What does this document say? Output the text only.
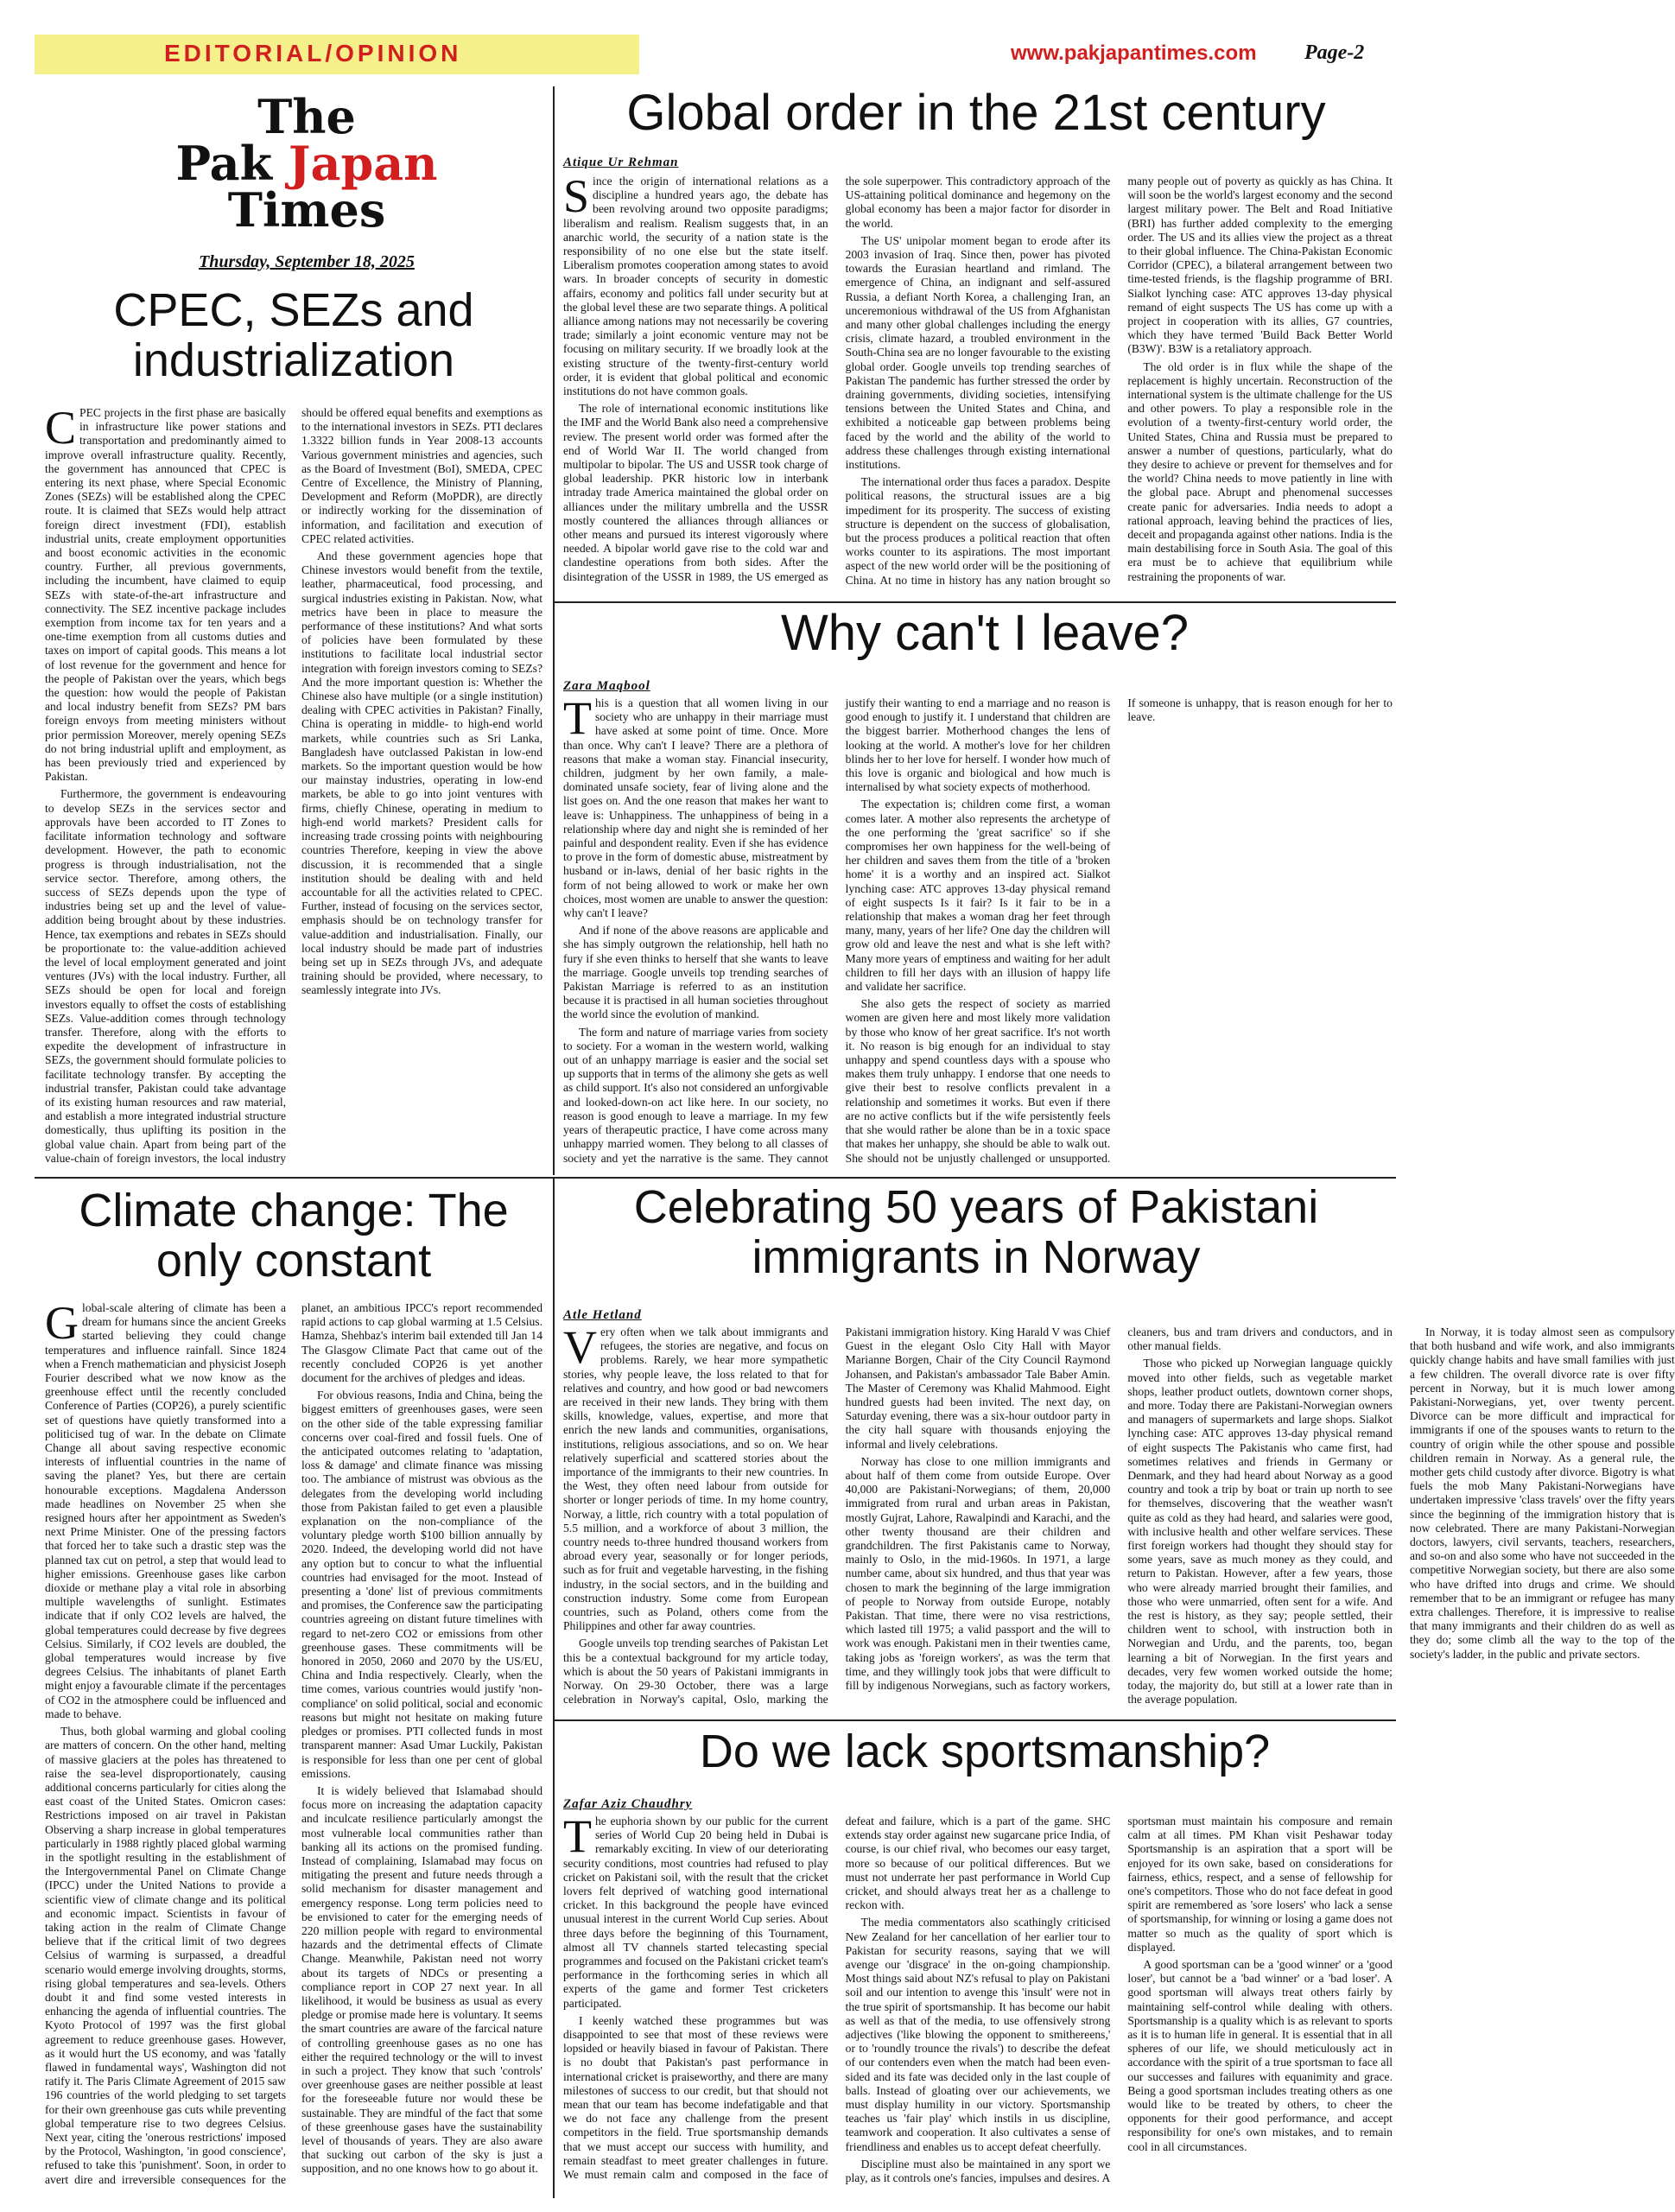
EDITORIAL/OPINION	www.pakjapantimes.com Page-2
The
Pak Japan
Times
Thursday, September 18, 2025
CPEC, SEZs and industrialization

CPEC projects in the first phase are basically in infrastructure like power stations and transportation and predominantly aimed to improve overall infrastructure quality. Recently, the government has announced that CPEC is entering its next phase, where Special Economic Zones (SEZs) will be established along the CPEC route. It is claimed that SEZs would help attract foreign direct investment (FDI), establish industrial units, create employment opportunities and boost economic activities in the economic country. Further, all previous governments, including the incumbent, have claimed to equip SEZs with state-of-the-art infrastructure and connectivity. The SEZ incentive package includes exemption from income tax for ten years and a one-time exemption from all customs duties and taxes on import of capital goods. This means a lot of lost revenue for the government and hence for the people of Pakistan over the years, which begs the question: how would the people of Pakistan and local industry benefit from SEZs? PM bars foreign envoys from meeting ministers without prior permission Moreover, merely opening SEZs do not bring industrial uplift and employment, as has been previously tried and experienced by Pakistan.

Furthermore, the government is endeavouring to develop SEZs in the services sector and approvals have been accorded to IT Zones to facilitate information technology and software development. However, the path to economic progress is through industrialisation, not the service sector. Therefore, among others, the success of SEZs depends upon the type of industries being set up and the level of value-addition being brought about by these industries. Hence, tax exemptions and rebates in SEZs should be proportionate to: the value-addition achieved the level of local employment generated and joint ventures (JVs) with the local industry. Further, all SEZs should be open for local and foreign investors equally to offset the costs of establishing SEZs. Value-addition comes through technology transfer. Therefore, along with the efforts to expedite the development of infrastructure in SEZs, the government should formulate policies to facilitate technology transfer. By accepting the industrial transfer, Pakistan could take advantage of its existing human resources and raw material, and establish a more integrated industrial structure domestically, thus uplifting its position in the global value chain. Apart from being part of the value-chain of foreign investors, the local industry should be offered equal benefits and exemptions as to the international investors in SEZs. PTI declares 1.3322 billion funds in Year 2008-13 accounts Various government ministries and agencies, such as the Board of Investment (BoI), SMEDA, CPEC Centre of Excellence, the Ministry of Planning, Development and Reform (MoPDR), are directly or indirectly working for the dissemination of information, and facilitation and execution of CPEC related activities.

And these government agencies hope that Chinese investors would benefit from the textile, leather, pharmaceutical, food processing, and surgical industries existing in Pakistan. Now, what metrics have been in place to measure the performance of these institutions? And what sorts of policies have been formulated by these institutions to facilitate local industrial sector integration with foreign investors coming to SEZs? And the more important question is: Whether the Chinese also have multiple (or a single institution) dealing with CPEC activities in Pakistan? Finally, China is operating in middle- to high-end world markets, while countries such as Sri Lanka, Bangladesh have outclassed Pakistan in low-end markets. So the important question would be how our mainstay industries, operating in low-end markets, be able to go into joint ventures with firms, chiefly Chinese, operating in medium to high-end world markets? President calls for increasing trade crossing points with neighbouring countries Therefore, keeping in view the above discussion, it is recommended that a single institution should be dealing with and held accountable for all the activities related to CPEC. Further, instead of focusing on the services sector, emphasis should be on technology transfer for value-addition and industrialisation. Finally, our local industry should be made part of industries being set up in SEZs through JVs, and adequate training should be provided, where necessary, to seamlessly integrate into JVs.

Global order in the 21st century
Atique Ur Rehman

Since the origin of international relations as a discipline a hundred years ago, the debate has been revolving around two opposite paradigms; liberalism and realism. Realism suggests that, in an anarchic world, the security of a nation state is the responsibility of no one else but the state itself. Liberalism promotes cooperation among states to avoid wars. In broader concepts of security in domestic affairs, economy and politics fall under security but at the global level these are two separate things. A political alliance among nations may not necessarily be covering trade; similarly a joint economic venture may not be focusing on military security. If we broadly look at the existing structure of the twenty-first-century world order, it is evident that global political and economic institutions do not have common goals.

The role of international economic institutions like the IMF and the World Bank also need a comprehensive review. The present world order was formed after the end of World War II. The world changed from multipolar to bipolar. The US and USSR took charge of global leadership. PKR historic low in interbank intraday trade America maintained the global order on alliances under the military umbrella and the USSR mostly countered the alliances through alliances or other means and pursued its interest vigorously where needed. A bipolar world gave rise to the cold war and clandestine operations from both sides. After the disintegration of the USSR in 1989, the US emerged as the sole superpower. This contradictory approach of the US-attaining political dominance and hegemony on the global economy has been a major factor for disorder in the world.

The US' unipolar moment began to erode after its 2003 invasion of Iraq. Since then, power has pivoted towards the Eurasian heartland and rimland. The emergence of China, an indignant and self-assured Russia, a defiant North Korea, a challenging Iran, an unceremonious withdrawal of the US from Afghanistan and many other global challenges including the energy crisis, climate hazard, a troubled environment in the South-China sea are no longer favourable to the existing global order. Google unveils top trending searches of Pakistan The pandemic has further stressed the order by draining governments, dividing societies, intensifying tensions between the United States and China, and exhibited a noticeable gap between problems being faced by the world and the ability of the world to address these challenges through existing international institutions.

The international order thus faces a paradox. Despite political reasons, the structural issues are a big impediment for its prosperity. The success of existing structure is dependent on the success of globalisation, but the process produces a political reaction that often works counter to its aspirations. The most important aspect of the new world order will be the positioning of China. At no time in history has any nation brought so many people out of poverty as quickly as has China. It will soon be the world's largest economy and the second largest military power. The Belt and Road Initiative (BRI) has further added complexity to the emerging order. The US and its allies view the project as a threat to their global influence. The China-Pakistan Economic Corridor (CPEC), a bilateral arrangement between two time-tested friends, is the flagship programme of BRI. Sialkot lynching case: ATC approves 13-day physical remand of eight suspects The US has come up with a project in cooperation with its allies, G7 countries, which they have termed 'Build Back Better World (B3W)'. B3W is a retaliatory approach.

The old order is in flux while the shape of the replacement is highly uncertain. Reconstruction of the international system is the ultimate challenge for the US and other powers. To play a responsible role in the evolution of a twenty-first-century world order, the United States, China and Russia must be prepared to answer a number of questions, particularly, what do they desire to achieve or prevent for themselves and for the world? China needs to move patiently in line with the global pace. Abrupt and phenomenal successes create panic for adversaries. India needs to adopt a rational approach, leaving behind the practices of lies, deceit and propaganda against other nations. India is the main destabilising force in South Asia. The goal of this era must be to achieve that equilibrium while restraining the proponents of war.

Why can't I leave?
Zara Maqbool

This is a question that all women living in our society who are unhappy in their marriage must have asked at some point of time. Once. More than once. Why can't I leave? There are a plethora of reasons that make a woman stay. Financial insecurity, children, judgment by her own family, a male-dominated unsafe society, fear of living alone and the list goes on. And the one reason that makes her want to leave is: Unhappiness. The unhappiness of being in a relationship where day and night she is reminded of her painful and despondent reality. Even if she has evidence to prove in the form of domestic abuse, mistreatment by husband or in-laws, denial of her basic rights in the form of not being allowed to work or make her own choices, most women are unable to answer the question: why can't I leave?

And if none of the above reasons are applicable and she has simply outgrown the relationship, hell hath no fury if she even thinks to herself that she wants to leave the marriage. Google unveils top trending searches of Pakistan Marriage is referred to as an institution because it is practised in all human societies throughout the world since the evolution of mankind.

The form and nature of marriage varies from society to society. For a woman in the western world, walking out of an unhappy marriage is easier and the social set up supports that in terms of the alimony she gets as well as child support. It's also not considered an unforgivable and looked-down-on act like here. In our society, no reason is good enough to leave a marriage. In my few years of therapeutic practice, I have come across many unhappy married women. They belong to all classes of society and yet the narrative is the same. They cannot justify their wanting to end a marriage and no reason is good enough to justify it. I understand that children are the biggest barrier. Motherhood changes the lens of looking at the world. A mother's love for her children blinds her to her love for herself. I wonder how much of this love is organic and biological and how much is internalised by what society expects of motherhood.

The expectation is; children come first, a woman comes later. A mother also represents the archetype of the one performing the 'great sacrifice' so if she compromises her own happiness for the well-being of her children and saves them from the title of a 'broken home' it is a worthy and an inspired act. Sialkot lynching case: ATC approves 13-day physical remand of eight suspects Is it fair? Is it fair to be in a relationship that makes a woman drag her feet through many, many, years of her life? One day the children will grow old and leave the nest and what is she left with? Many more years of emptiness and waiting for her adult children to fill her days with an illusion of happy life and validate her sacrifice.

She also gets the respect of society as married women are given here and most likely more validation by those who know of her great sacrifice. It's not worth it. No reason is big enough for an individual to stay unhappy and spend countless days with a spouse who makes them truly unhappy. I endorse that one needs to give their best to resolve conflicts prevalent in a relationship and sometimes it works. But even if there are no active conflicts but if the wife persistently feels that she would rather be alone than be in a toxic space that makes her unhappy, she should be able to walk out. She should not be unjustly challenged or unsupported. If someone is unhappy, that is reason enough for her to leave.

Climate change: The only constant

Global-scale altering of climate has been a dream for humans since the ancient Greeks started believing they could change temperatures and influence rainfall. Since 1824 when a French mathematician and physicist Joseph Fourier described what we now know as the greenhouse effect until the recently concluded Conference of Parties (COP26), a purely scientific set of questions have quietly transformed into a politicised tug of war. In the debate on Climate Change all about saving respective economic interests of influential countries in the name of saving the planet? Yes, but there are certain honourable exceptions. Magdalena Andersson made headlines on November 25 when she resigned hours after her appointment as Sweden's next Prime Minister. One of the pressing factors that forced her to take such a drastic step was the planned tax cut on petrol, a step that would lead to higher emissions. Greenhouse gases like carbon dioxide or methane play a vital role in absorbing multiple wavelengths of sunlight. Estimates indicate that if only CO2 levels are halved, the global temperatures could decrease by five degrees Celsius. Similarly, if CO2 levels are doubled, the global temperatures would increase by five degrees Celsius. The inhabitants of planet Earth might enjoy a favourable climate if the percentages of CO2 in the atmosphere could be influenced and made to behave.

Thus, both global warming and global cooling are matters of concern. On the other hand, melting of massive glaciers at the poles has threatened to raise the sea-level disproportionately, causing additional concerns particularly for cities along the east coast of the United States. Omicron cases: Restrictions imposed on air travel in Pakistan Observing a sharp increase in global temperatures particularly in 1988 rightly placed global warming in the spotlight resulting in the establishment of the Intergovernmental Panel on Climate Change (IPCC) under the United Nations to provide a scientific view of climate change and its political and economic impact. Scientists in favour of taking action in the realm of Climate Change believe that if the critical limit of two degrees Celsius of warming is surpassed, a dreadful scenario would emerge involving droughts, storms, rising global temperatures and sea-levels. Others doubt it and find some vested interests in enhancing the agenda of influential countries. The Kyoto Protocol of 1997 was the first global agreement to reduce greenhouse gases. However, as it would hurt the US economy, and was 'fatally flawed in fundamental ways', Washington did not ratify it. The Paris Climate Agreement of 2015 saw 196 countries of the world pledging to set targets for their own greenhouse gas cuts while preventing global temperature rise to two degrees Celsius. Next year, citing the 'onerous restrictions' imposed by the Protocol, Washington, 'in good conscience', refused to take this 'punishment'. Soon, in order to avert dire and irreversible consequences for the planet, an ambitious IPCC's report recommended rapid actions to cap global warming at 1.5 Celsius. Hamza, Shehbaz's interim bail extended till Jan 14 The Glasgow Climate Pact that came out of the recently concluded COP26 is yet another document for the archives of pledges and ideas.

For obvious reasons, India and China, being the biggest emitters of greenhouses gases, were seen on the other side of the table expressing familiar concerns over coal-fired and fossil fuels. One of the anticipated outcomes relating to 'adaptation, loss & damage' and climate finance was missing too. The ambiance of mistrust was obvious as the delegates from the developing world including those from Pakistan failed to get even a plausible explanation on the non-compliance of the voluntary pledge worth $100 billion annually by 2020. Indeed, the developing world did not have any option but to concur to what the influential countries had envisaged for the moot. Instead of presenting a 'done' list of previous commitments and promises, the Conference saw the participating countries agreeing on distant future timelines with regard to net-zero CO2 or emissions from other greenhouse gases. These commitments will be honored in 2050, 2060 and 2070 by the US/EU, China and India respectively. Clearly, when the time comes, various countries would justify 'non-compliance' on solid political, social and economic reasons but might not hesitate on making future pledges or promises. PTI collected funds in most transparent manner: Asad Umar Luckily, Pakistan is responsible for less than one per cent of global emissions.

It is widely believed that Islamabad should focus more on increasing the adaptation capacity and inculcate resilience particularly amongst the most vulnerable local communities rather than banking all its actions on the promised funding. Instead of complaining, Islamabad may focus on mitigating the present and future needs through a solid mechanism for disaster management and emergency response. Long term policies need to be envisioned to cater for the emerging needs of 220 million people with regard to environmental hazards and the detrimental effects of Climate Change. Meanwhile, Pakistan need not worry about its targets of NDCs or presenting a compliance report in COP 27 next year. In all likelihood, it would be business as usual as every pledge or promise made here is voluntary. It seems the smart countries are aware of the farcical nature of controlling greenhouse gases as no one has either the required technology or the will to invest in such a project. They know that such 'controls' over greenhouse gases are neither possible at least for the foreseeable future nor would these be sustainable. They are mindful of the fact that some of these greenhouse gases have the sustainability level of thousands of years. They are also aware that sucking out carbon of the sky is just a supposition, and no one knows how to go about it.

Celebrating 50 years of Pakistani immigrants in Norway
Atle Hetland

Very often when we talk about immigrants and refugees, the stories are negative, and focus on problems. Rarely, we hear more sympathetic stories, why people leave, the loss related to that for relatives and country, and how good or bad newcomers are received in their new lands. They bring with them skills, knowledge, values, expertise, and more that enrich the new lands and communities, organisations, institutions, religious associations, and so on. We hear relatively superficial and scattered stories about the importance of the immigrants to their new countries. In the West, they often need labour from outside for shorter or longer periods of time. In my home country, Norway, a little, rich country with a total population of 5.5 million, and a workforce of about 3 million, the country needs to-three hundred thousand workers from abroad every year, seasonally or for longer periods, such as for fruit and vegetable harvesting, in the fishing industry, in the social sectors, and in the building and construction industry. Some come from European countries, such as Poland, others come from the Philippines and other far away countries.

Google unveils top trending searches of Pakistan Let this be a contextual background for my article today, which is about the 50 years of Pakistani immigrants in Norway. On 29-30 October, there was a large celebration in Norway's capital, Oslo, marking the Pakistani immigration history. King Harald V was Chief Guest in the elegant Oslo City Hall with Mayor Marianne Borgen, Chair of the City Council Raymond Johansen, and Pakistan's ambassador Tale Baber Amin. The Master of Ceremony was Khalid Mahmood. Eight hundred guests had been invited. The next day, on Saturday evening, there was a six-hour outdoor party in the city hall square with thousands enjoying the informal and lively celebrations.

Norway has close to one million immigrants and about half of them come from outside Europe. Over 40,000 are Pakistani-Norwegians; of them, 20,000 immigrated from rural and urban areas in Pakistan, mostly Gujrat, Lahore, Rawalpindi and Karachi, and the other twenty thousand are their children and grandchildren. The first Pakistanis came to Norway, mainly to Oslo, in the mid-1960s. In 1971, a large number came, about six hundred, and thus that year was chosen to mark the beginning of the large immigration of people to Norway from outside Europe, notably Pakistan. That time, there were no visa restrictions, which lasted till 1975; a valid passport and the will to work was enough. Pakistani men in their twenties came, taking jobs as 'foreign workers', as was the term that time, and they willingly took jobs that were difficult to fill by indigenous Norwegians, such as factory workers, cleaners, bus and tram drivers and conductors, and in other manual fields.

Those who picked up Norwegian language quickly moved into other fields, such as vegetable market shops, leather product outlets, downtown corner shops, and more. Today there are Pakistani-Norwegian owners and managers of supermarkets and large shops. Sialkot lynching case: ATC approves 13-day physical remand of eight suspects The Pakistanis who came first, had sometimes relatives and friends in Germany or Denmark, and they had heard about Norway as a good country and took a trip by boat or train up north to see for themselves, discovering that the weather wasn't quite as cold as they had heard, and salaries were good, with inclusive health and other welfare services. These first foreign workers had thought they should stay for some years, save as much money as they could, and return to Pakistan. However, after a few years, those who were already married brought their families, and those who were unmarried, often sent for a wife. And the rest is history, as they say; people settled, their children went to school, with instruction both in Norwegian and Urdu, and the parents, too, began learning a bit of Norwegian. In the first years and decades, very few women worked outside the home; today, the majority do, but still at a lower rate than in the average population.

In Norway, it is today almost seen as compulsory that both husband and wife work, and also immigrants quickly change habits and have small families with just a few children. The overall divorce rate is over fifty percent in Norway, but it is much lower among Pakistani-Norwegians, yet, over twenty percent. Divorce can be more difficult and impractical for immigrants if one of the spouses wants to return to the country of origin while the other spouse and possible children remain in Norway. As a general rule, the mother gets child custody after divorce. Bigotry is what fuels the mob Many Pakistani-Norwegians have undertaken impressive 'class travels' over the fifty years since the beginning of the immigration history that is now celebrated. There are many Pakistani-Norwegian doctors, lawyers, civil servants, teachers, researchers, and so-on and also some who have not succeeded in the competitive Norwegian society, but there are also some who have drifted into drugs and crime. We should remember that to be an immigrant or refugee has many extra challenges. Therefore, it is impressive to realise that many immigrants and their children do as well as they do; some climb all the way to the top of the society's ladder, in the public and private sectors.

Do we lack sportsmanship?
Zafar Aziz Chaudhry

The euphoria shown by our public for the current series of World Cup 20 being held in Dubai is remarkably exciting. In view of our deteriorating security conditions, most countries had refused to play cricket on Pakistani soil, with the result that the cricket lovers felt deprived of watching good international cricket. In this background the people have evinced unusual interest in the current World Cup series. About three days before the beginning of this Tournament, almost all TV channels started telecasting special programmes and focused on the Pakistani cricket team's performance in the forthcoming series in which all experts of the game and former Test cricketers participated.

I keenly watched these programmes but was disappointed to see that most of these reviews were lopsided or heavily biased in favour of Pakistan. There is no doubt that Pakistan's past performance in international cricket is praiseworthy, and there are many milestones of success to our credit, but that should not mean that our team has become indefatigable and that we do not face any challenge from the present competitors in the field. True sportsmanship demands that we must accept our success with humility, and remain steadfast to meet greater challenges in future. We must remain calm and composed in the face of defeat and failure, which is a part of the game. SHC extends stay order against new sugarcane price India, of course, is our chief rival, who becomes our easy target, more so because of our political differences. But we must not underrate her past performance in World Cup cricket, and should always treat her as a challenge to reckon with.

The media commentators also scathingly criticised New Zealand for her cancellation of her earlier tour to Pakistan for security reasons, saying that we will avenge our 'disgrace' in the on-going championship. Most things said about NZ's refusal to play on Pakistani soil and our intention to avenge this 'insult' were not in the true spirit of sportsmanship. It has become our habit as well as that of the media, to use offensively strong adjectives ('like blowing the opponent to smithereens,' or to 'roundly trounce the rivals') to describe the defeat of our contenders even when the match had been even-sided and its fate was decided only in the last couple of balls. Instead of gloating over our achievements, we must display humility in our victory. Sportsmanship teaches us 'fair play' which instils in us discipline, teamwork and cooperation. It also cultivates a sense of friendliness and enables us to accept defeat cheerfully.

Discipline must also be maintained in any sport we play, as it controls one's fancies, impulses and desires. A sportsman must maintain his composure and remain calm at all times. PM Khan visit Peshawar today Sportsmanship is an aspiration that a sport will be enjoyed for its own sake, based on considerations for fairness, ethics, respect, and a sense of fellowship for one's competitors. Those who do not face defeat in good spirit are remembered as 'sore losers' who lack a sense of sportsmanship, for winning or losing a game does not matter so much as the quality of sport which is displayed.

A good sportsman can be a 'good winner' or a 'good loser', but cannot be a 'bad winner' or a 'bad loser'. A good sportsman will always treat others fairly by maintaining self-control while dealing with others. Sportsmanship is a quality which is as relevant to sports as it is to human life in general. It is essential that in all spheres of our life, we should meticulously act in accordance with the spirit of a true sportsman to face all our successes and failures with equanimity and grace. Being a good sportsman includes treating others as one would like to be treated by others, to cheer the opponents for their good performance, and accept responsibility for one's own mistakes, and to remain cool in all circumstances.
